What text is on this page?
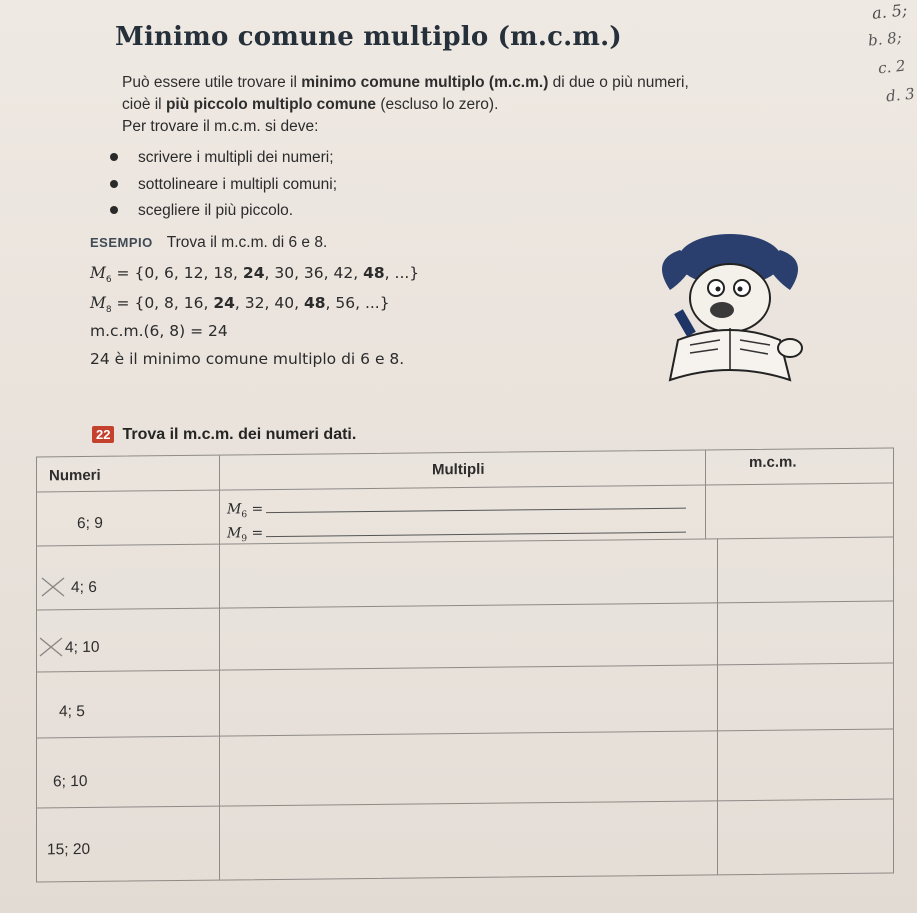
Minimo comune multiplo (m.c.m.)
a. 5;
b. 8;
c. 2
d. 3
Può essere utile trovare il minimo comune multiplo (m.c.m.) di due o più numeri,
cioè il più piccolo multiplo comune (escluso lo zero).
Per trovare il m.c.m. si deve:
scrivere i multipli dei numeri;
sottolineare i multipli comuni;
scegliere il più piccolo.
ESEMPIO Trova il m.c.m. di 6 e 8.
$M_6 = \{0$, 6, 12, 18, 24, 30, 36, 42, 48, ...}
$M_8 = \{0$, 8, 16, 24, 32, 40, 48, 56, ...}
m.c.m.(6, 8) = 24
24 è il minimo comune multiplo di 6 e 8.
22 Trova il m.c.m. dei numeri dati.
Numeri	Multipli	m.c.m.
6; 9
4; 6
4; 10
4; 5
6; 10
15; 20
$M_6$ =
$M_9$ =
